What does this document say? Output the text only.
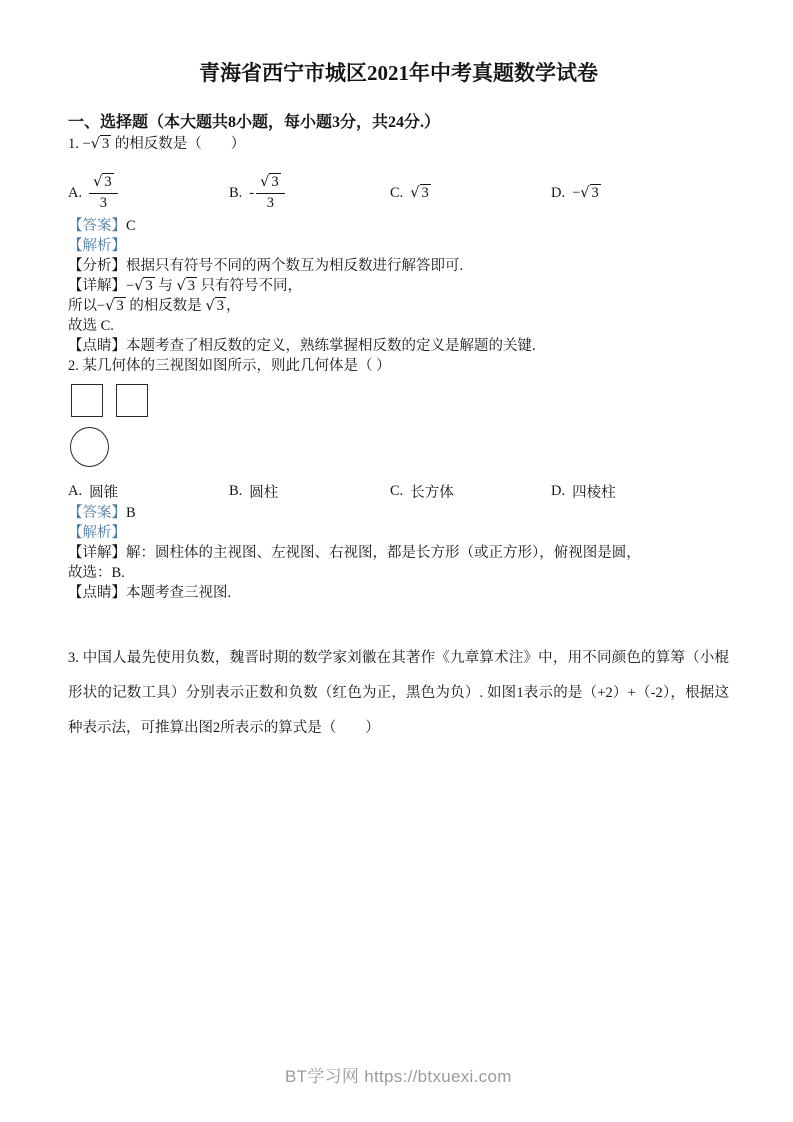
青海省西宁市城区2021年中考真题数学试卷
一、选择题（本大题共8小题，每小题3分，共24分.）

1. −√ 3 的相反数是（　　）

A. $\frac{√ 3}{3}$	B. - $\frac{√ 3}{3}$	C. √ 3	D. −√ 3

【答案】C

【解析】

【分析】根据只有符号不同的两个数互为相反数进行解答即可.

【详解】−√ 3 与 √ 3 只有符号不同，

所以−√ 3 的相反数是 √ 3 ，

故选 C.

【点睛】本题考查了相反数的定义，熟练掌握相反数的定义是解题的关键.

2. 某几何体的三视图如图所示，则此几何体是（ ）

A. 圆锥	B. 圆柱	C. 长方体	D. 四棱柱

【答案】B

【解析】

【详解】解：圆柱体的主视图、左视图、右视图，都是长方形（或正方形），俯视图是圆，

故选：B.

【点睛】本题考查三视图.

3. 中国人最先使用负数，魏晋时期的数学家刘徽在其著作《九章算术注》中，用不同颜色的算筹（小棍形状的记数工具）分别表示正数和负数（红色为正，黑色为负）. 如图1表示的是（+2）+（-2），根据这种表示法，可推算出图2所表示的算式是（　　）

BT学习网 https://btxuexi.com
